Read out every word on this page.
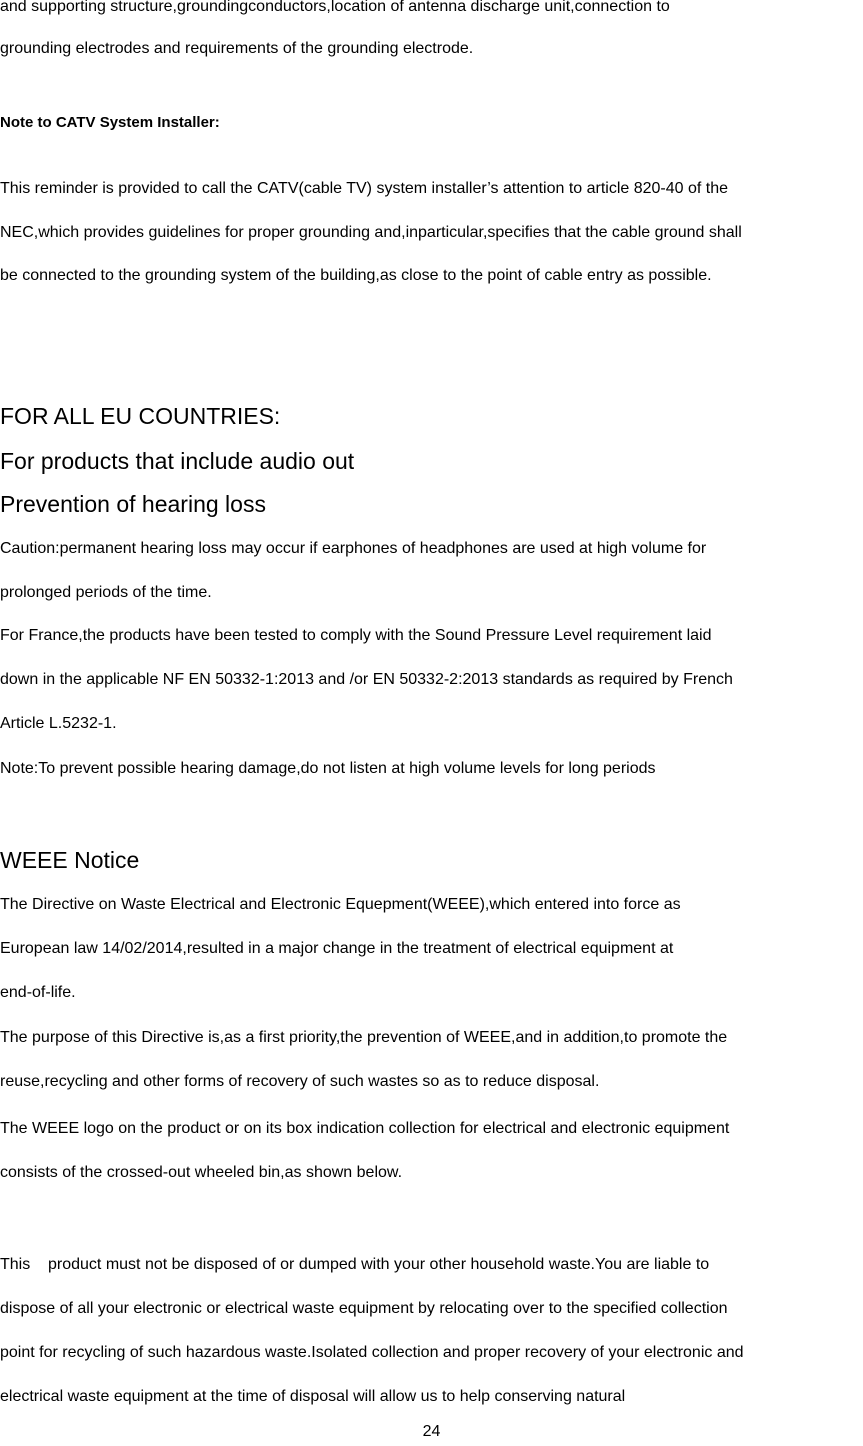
and supporting structure,groundingconductors,location of antenna discharge unit,connection to

grounding electrodes and requirements of the grounding electrode.

Note to CATV System Installer:

This reminder is provided to call the CATV(cable TV) system installer’s attention to article 820-40 of the

NEC,which provides guidelines for proper grounding and,inparticular,specifies that the cable ground shall

be connected to the grounding system of the building,as close to the point of cable entry as possible.

FOR ALL EU COUNTRIES:

For products that include audio out

Prevention of hearing loss

Caution:permanent hearing loss may occur if earphones of headphones are used at high volume for

prolonged periods of the time.

For France,the products have been tested to comply with the Sound Pressure Level requirement laid

down in the applicable NF EN 50332-1:2013 and /or EN 50332-2:2013 standards as required by French

Article L.5232-1.

Note:To prevent possible hearing damage,do not listen at high volume levels for long periods

WEEE Notice

The Directive on Waste Electrical and Electronic Equepment(WEEE),which entered into force as

European law 14/02/2014,resulted in a major change in the treatment of electrical equipment at

end-of-life.

The purpose of this Directive is,as a first priority,the prevention of WEEE,and in addition,to promote the

reuse,recycling and other forms of recovery of such wastes so as to reduce disposal.

The WEEE logo on the product or on its box indication collection for electrical and electronic equipment

consists of the crossed-out wheeled bin,as shown below.

This    product must not be disposed of or dumped with your other household waste.You are liable to

dispose of all your electronic or electrical waste equipment by relocating over to the specified collection

point for recycling of such hazardous waste.Isolated collection and proper recovery of your electronic and

electrical waste equipment at the time of disposal will allow us to help conserving natural

24
